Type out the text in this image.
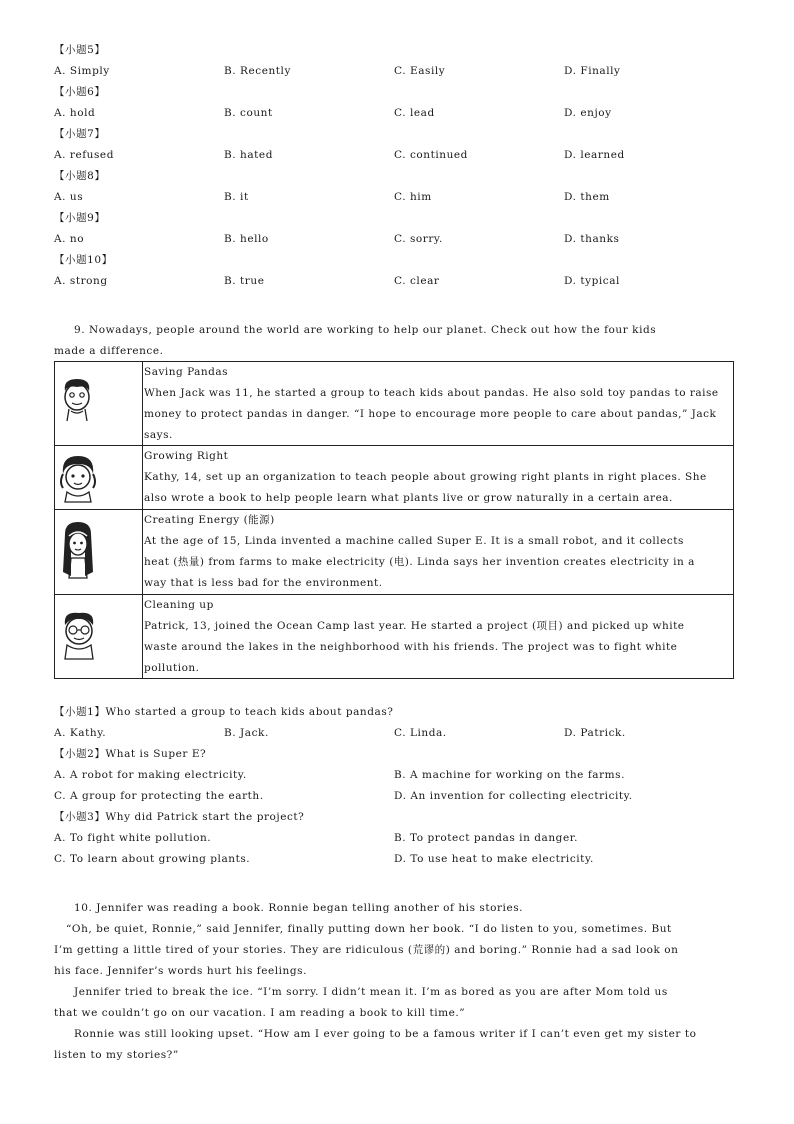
【小题5】
A. Simply	B. Recently	C. Easily	D. Finally
【小题6】
A. hold	B. count	C. lead	D. enjoy
【小题7】
A. refused	B. hated	C. continued	D. learned
【小题8】
A. us	B. it	C. him	D. them
【小题9】
A. no	B. hello	C. sorry.	D. thanks
【小题10】
A. strong	B. true	C. clear	D. typical
9. Nowadays, people around the world are working to help our planet. Check out how the four kids
made a difference.
Saving Pandas
When Jack was 11, he started a group to teach kids about pandas. He also sold toy pandas to raise
money to protect pandas in danger. “I hope to encourage more people to care about pandas,” Jack
says.
Growing Right
Kathy, 14, set up an organization to teach people about growing right plants in right places. She
also wrote a book to help people learn what plants live or grow naturally in a certain area.
Creating Energy (能源)
At the age of 15, Linda invented a machine called Super E. It is a small robot, and it collects
heat (热量) from farms to make electricity (电). Linda says her invention creates electricity in a
way that is less bad for the environment.
Cleaning up
Patrick, 13, joined the Ocean Camp last year. He started a project (项目) and picked up white
waste around the lakes in the neighborhood with his friends. The project was to fight white
pollution.
【小题1】Who started a group to teach kids about pandas?
A. Kathy.	B. Jack.	C. Linda.	D. Patrick.
【小题2】What is Super E?
A. A robot for making electricity.	B. A machine for working on the farms.
C. A group for protecting the earth.	D. An invention for collecting electricity.
【小题3】Why did Patrick start the project?
A. To fight white pollution.	B. To protect pandas in danger.
C. To learn about growing plants.	D. To use heat to make electricity.
10. Jennifer was reading a book. Ronnie began telling another of his stories.
“Oh, be quiet, Ronnie,” said Jennifer, finally putting down her book. “I do listen to you, sometimes. But
I’m getting a little tired of your stories. They are ridiculous (荒谬的) and boring.” Ronnie had a sad look on
his face. Jennifer’s words hurt his feelings.
Jennifer tried to break the ice. “I’m sorry. I didn’t mean it. I’m as bored as you are after Mom told us
that we couldn’t go on our vacation. I am reading a book to kill time.”
Ronnie was still looking upset. “How am I ever going to be a famous writer if I can’t even get my sister to
listen to my stories?”
